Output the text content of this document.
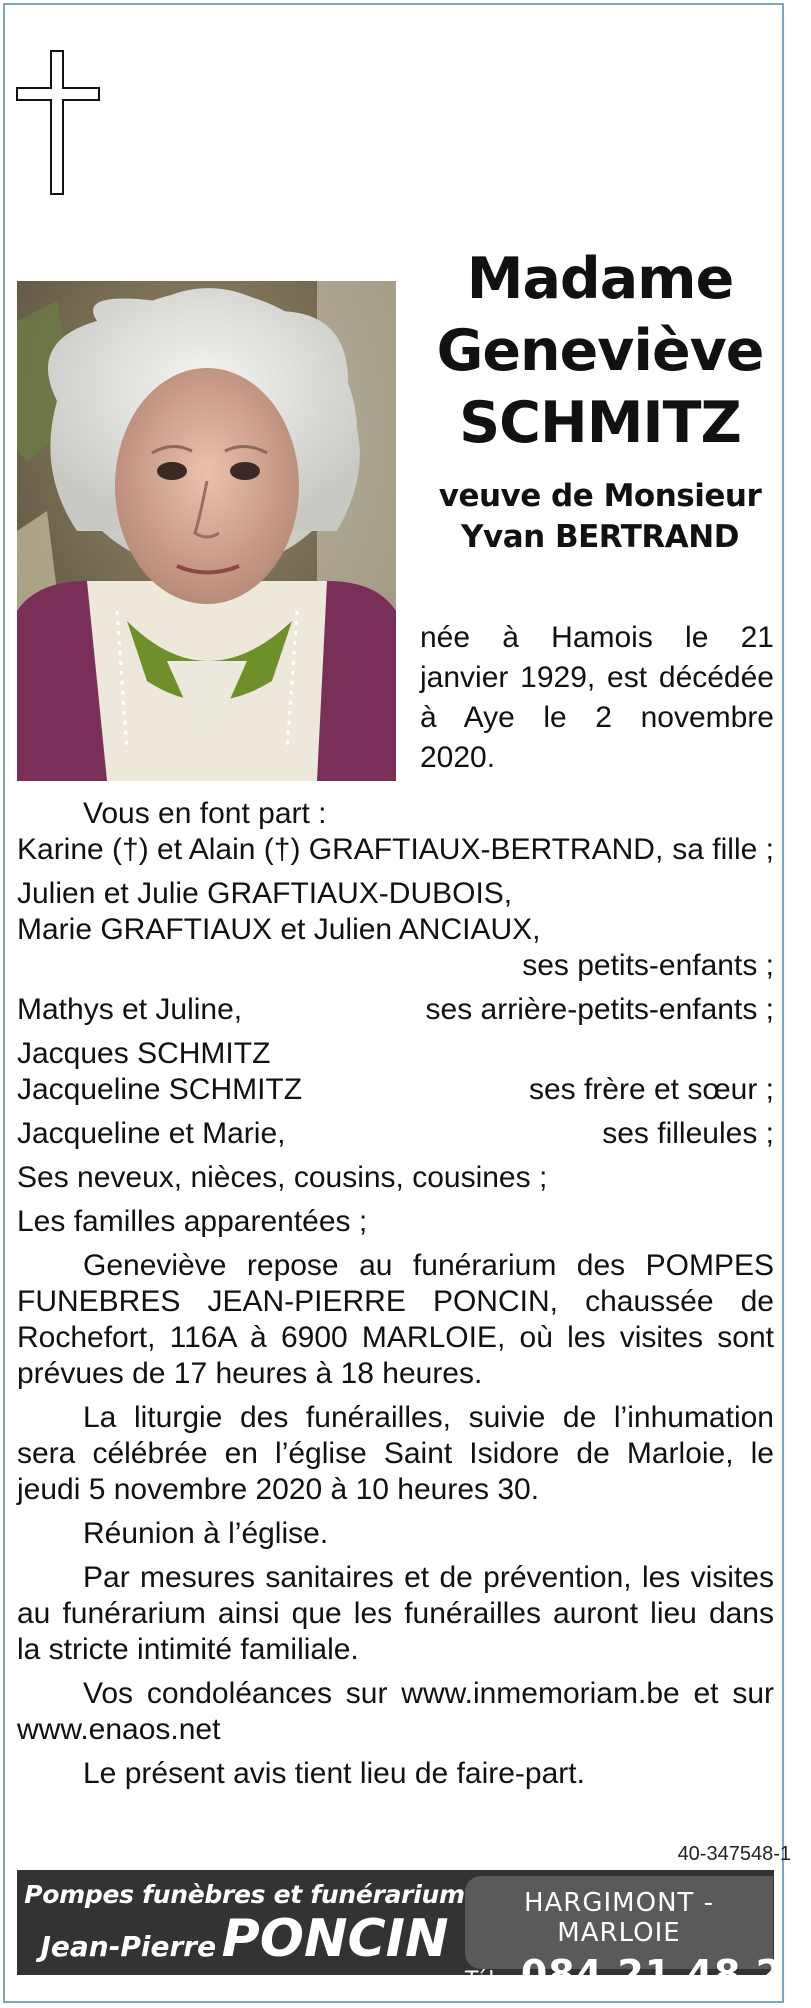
Madame
Geneviève
SCHMITZ
veuve de Monsieur
Yvan BERTRAND
née à Hamois le 21 janvier 1929, est décédée à Aye le 2 novembre 2020.
Vous en font part :
Karine (†) et Alain (†) GRAFTIAUX-BERTRAND, sa fille ;
Julien et Julie GRAFTIAUX-DUBOIS,
Marie GRAFTIAUX et Julien ANCIAUX,
ses petits-enfants ;
Mathys et Juline,	ses arrière-petits-enfants ;
Jacques SCHMITZ
Jacqueline SCHMITZ	ses frère et sœur ;
Jacqueline et Marie,	ses filleules ;
Ses neveux, nièces, cousins, cousines ;
Les familles apparentées ;
Geneviève repose au funérarium des POMPES FUNEBRES JEAN-PIERRE PONCIN, chaussée de Rochefort, 116A à 6900 MARLOIE, où les visites sont prévues de 17 heures à 18 heures.
La liturgie des funérailles, suivie de l’inhumation sera célébrée en l’église Saint Isidore de Marloie, le jeudi 5 novembre 2020 à 10 heures 30.
Réunion à l’église.
Par mesures sanitaires et de prévention, les visites au funérarium ainsi que les funérailles auront lieu dans la stricte intimité familiale.
Vos condoléances sur www.inmemoriam.be et sur www.enaos.net
Le présent avis tient lieu de faire-part.
40-347548-1
Pompes funèbres et funérarium
Jean-Pierre PONCIN
HARGIMONT - MARLOIE
Tél. : 084 21 48 29
